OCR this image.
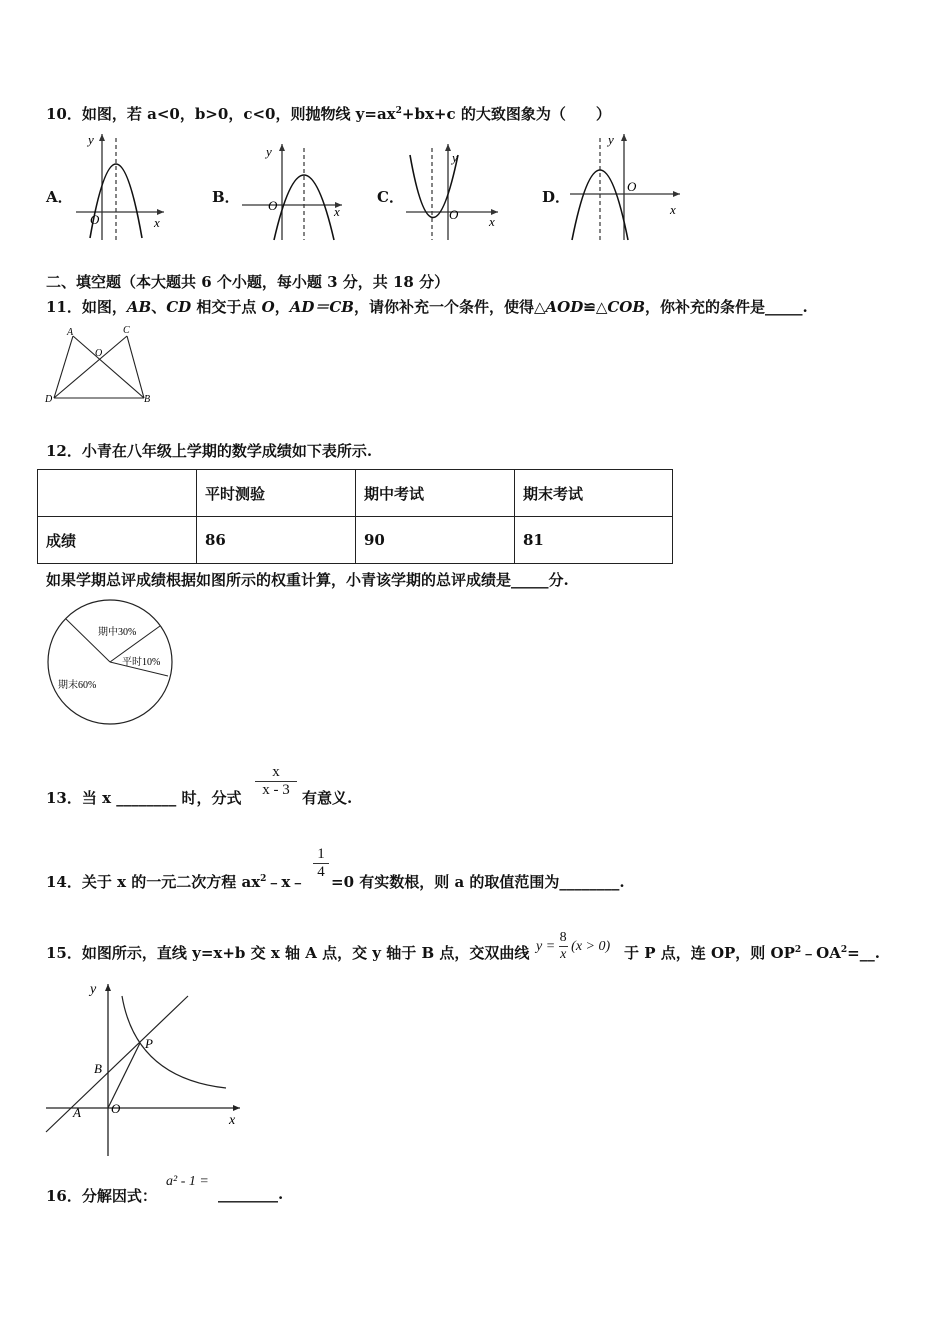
10．如图，若 a<0，b>0，c<0，则抛物线 $y=ax^2+bx+c$ 的大致图象为（　　）
A．
y
x
O
B．
y
x
O	C．
y
x
O
D．
y
x
O
二、填空题（本大题共 6 个小题，每小题 3 分，共 18 分）
11．如图，AB、CD 相交于点 O，AD＝CB，请你补充一个条件，使得△AOD≌△COB，你补充的条件是_____.
A	C
O
D	B
12．小青在八年级上学期的数学成绩如下表所示.
	平时测验	期中考试	期末考试
成绩	86	90	81
如果学期总评成绩根据如图所示的权重计算，小青该学期的总评成绩是_____分.
期中30%
平时10%
期末60%
13．当 x ________ 时，分式 $\frac{x}{x - 3}$ 有意义.
14．关于 x 的一元二次方程 $ax^2﹣x﹣$
$\frac{1}{4}$
=0 有实数根，则 a 的取值范围为________.
15．如图所示，直线 y=x+b 交 x 轴 A 点，交 y 轴于 B 点，交双曲线 $y = \frac{8}{x} (x > 0)$ 于 P 点，连 OP，则 $OP^2﹣OA^2=\_\_$.
y
x
O
A
B
P
16．分解因式：
a² - 1 =
________.
